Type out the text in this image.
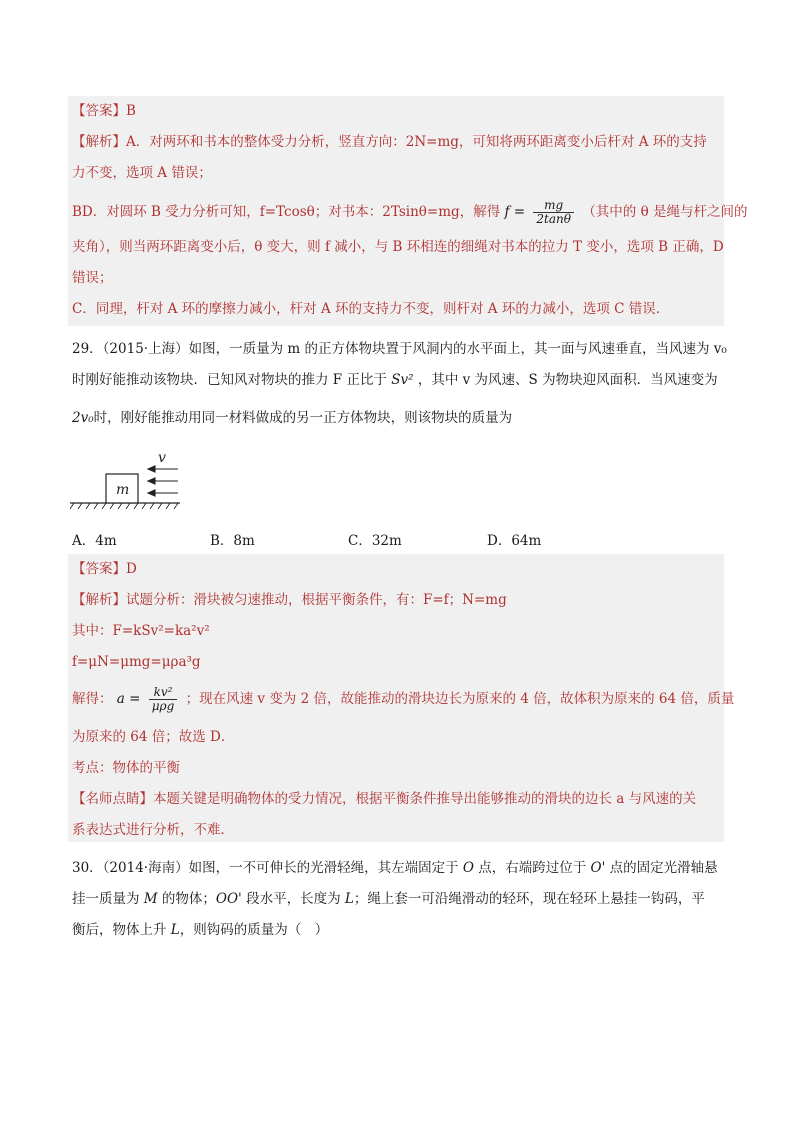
【答案】B
【解析】A．对两环和书本的整体受力分析，竖直方向：2N=mg，可知将两环距离变小后杆对 A 环的支持
力不变，选项 A 错误；
BD．对圆环 B 受力分析可知，f=Tcosθ；对书本：2Tsinθ=mg，解得 $f = \frac{mg}{2\tan\theta}$ （其中的 θ 是绳与杆之间的
夹角），则当两环距离变小后，θ 变大，则 f 减小，与 B 环相连的细绳对书本的拉力 T 变小，选项 B 正确，D
错误；
C．同理，杆对 A 环的摩擦力减小，杆对 A 环的支持力不变，则杆对 A 环的力减小，选项 C 错误．
29．（2015·上海）如图，一质量为 m 的正方体物块置于风洞内的水平面上，其一面与风速垂直，当风速为 v₀
时刚好能推动该物块．已知风对物块的推力 F 正比于 Sv² ，其中 v 为风速、S 为物块迎风面积．当风速变为
2v₀时，刚好能推动用同一材料做成的另一正方体物块，则该物块的质量为
m
v
A．4m	B．8m	C．32m	D．64m
【答案】D
【解析】试题分析：滑块被匀速推动，根据平衡条件，有：F=f；N=mg
其中：F=kSv²=ka²v²
f=μN=μmg=μρa³g
解得： $a = \frac{\text{kv²}}{\text{μρg}}$ ；现在风速 v 变为 2 倍，故能推动的滑块边长为原来的 4 倍，故体积为原来的 64 倍，质量
为原来的 64 倍；故选 D．
考点：物体的平衡
【名师点睛】本题关键是明确物体的受力情况，根据平衡条件推导出能够推动的滑块的边长 a 与风速的关
系表达式进行分析，不难．
30．（2014·海南）如图，一不可伸长的光滑轻绳，其左端固定于 O 点，右端跨过位于 O' 点的固定光滑轴悬
挂一质量为 M 的物体；OO' 段水平，长度为 L；绳上套一可沿绳滑动的轻环，现在轻环上悬挂一钩码，平
衡后，物体上升 L，则钩码的质量为（　）
